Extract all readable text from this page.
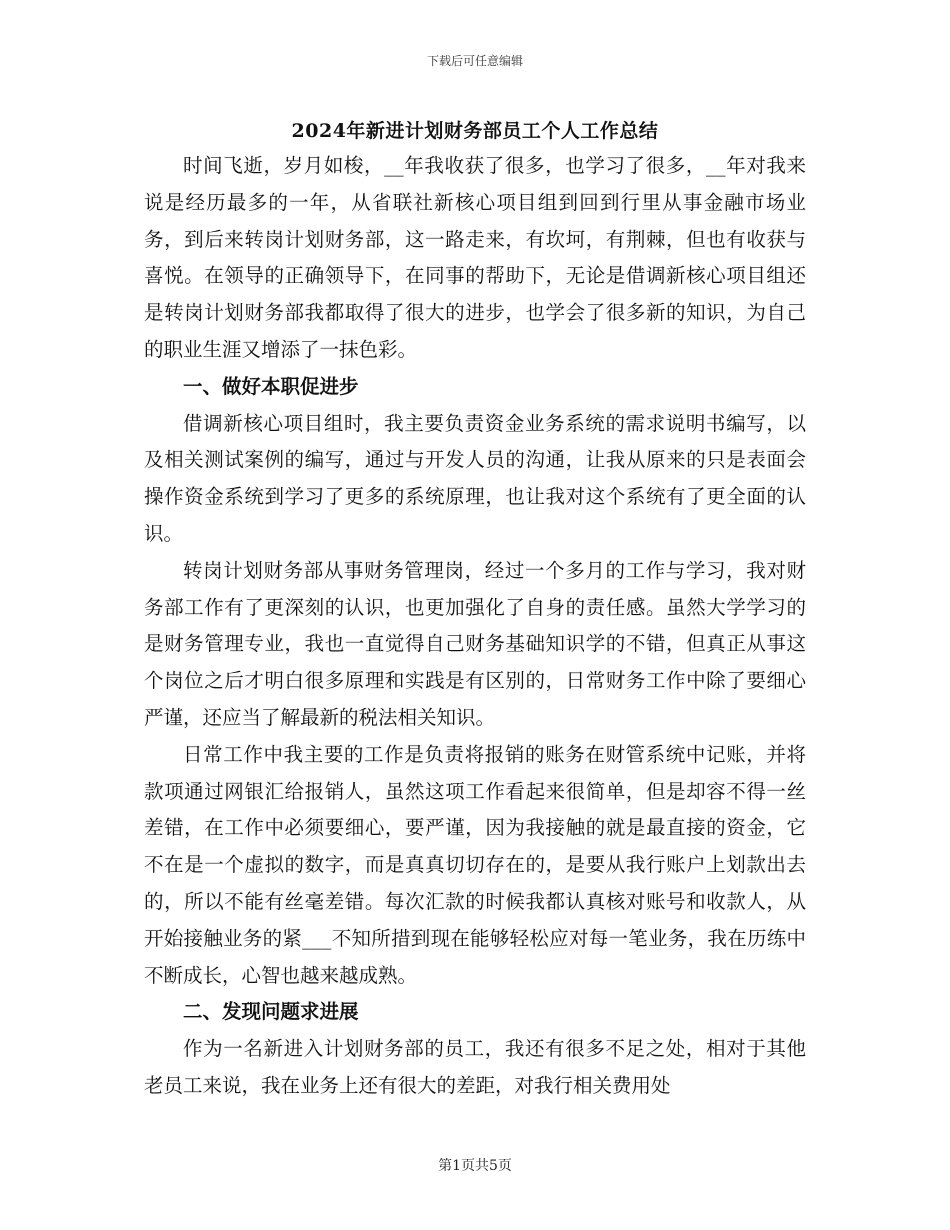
下载后可任意编辑
2024年新进计划财务部员工个人工作总结

时间飞逝，岁月如梭，__年我收获了很多，也学习了很多，__年对我来说是经历最多的一年，从省联社新核心项目组到回到行里从事金融市场业务，到后来转岗计划财务部，这一路走来，有坎坷，有荆棘，但也有收获与喜悦。在领导的正确领导下，在同事的帮助下，无论是借调新核心项目组还是转岗计划财务部我都取得了很大的进步，也学会了很多新的知识，为自己的职业生涯又增添了一抹色彩。

一、做好本职促进步

借调新核心项目组时，我主要负责资金业务系统的需求说明书编写，以及相关测试案例的编写，通过与开发人员的沟通，让我从原来的只是表面会操作资金系统到学习了更多的系统原理，也让我对这个系统有了更全面的认识。

转岗计划财务部从事财务管理岗，经过一个多月的工作与学习，我对财务部工作有了更深刻的认识，也更加强化了自身的责任感。虽然大学学习的是财务管理专业，我也一直觉得自己财务基础知识学的不错，但真正从事这个岗位之后才明白很多原理和实践是有区别的，日常财务工作中除了要细心严谨，还应当了解最新的税法相关知识。

日常工作中我主要的工作是负责将报销的账务在财管系统中记账，并将款项通过网银汇给报销人，虽然这项工作看起来很简单，但是却容不得一丝差错，在工作中必须要细心，要严谨，因为我接触的就是最直接的资金，它不在是一个虚拟的数字，而是真真切切存在的，是要从我行账户上划款出去的，所以不能有丝毫差错。每次汇款的时候我都认真核对账号和收款人，从开始接触业务的紧___不知所措到现在能够轻松应对每一笔业务，我在历练中不断成长，心智也越来越成熟。

二、发现问题求进展

作为一名新进入计划财务部的员工，我还有很多不足之处，相对于其他老员工来说，我在业务上还有很大的差距，对我行相关费用处

第1页共5页
